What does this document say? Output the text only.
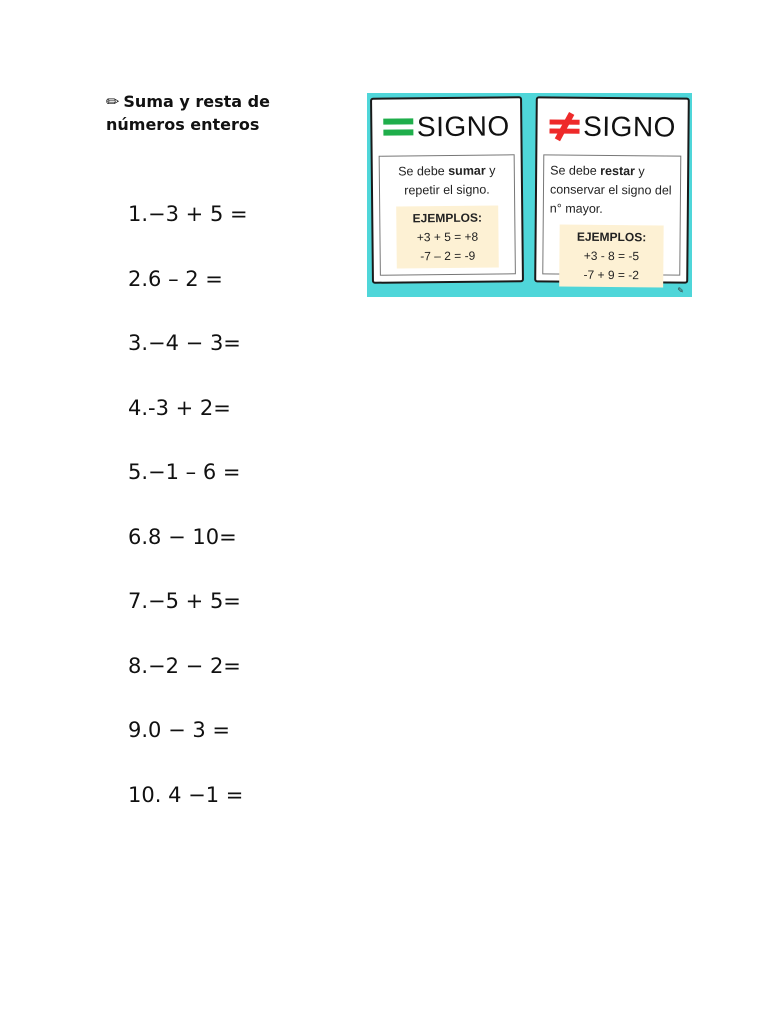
✏ Suma y resta de números enteros
1.−3 + 5 =
2.6 – 2 =
3.−4 − 3=
4.-3 + 2=
5.−1 – 6 =
6.8 − 10=
7.−5 + 5=
8.−2 − 2=
9.0 − 3 =
10. 4 −1 =
SIGNO
Se debe sumar y repetir el signo.
EJEMPLOS:
+3 + 5 = +8
-7 – 2 = -9
SIGNO
Se debe restar y conservar el signo del n° mayor.
EJEMPLOS:
+3 - 8 = -5
-7 + 9 = -2
✎
